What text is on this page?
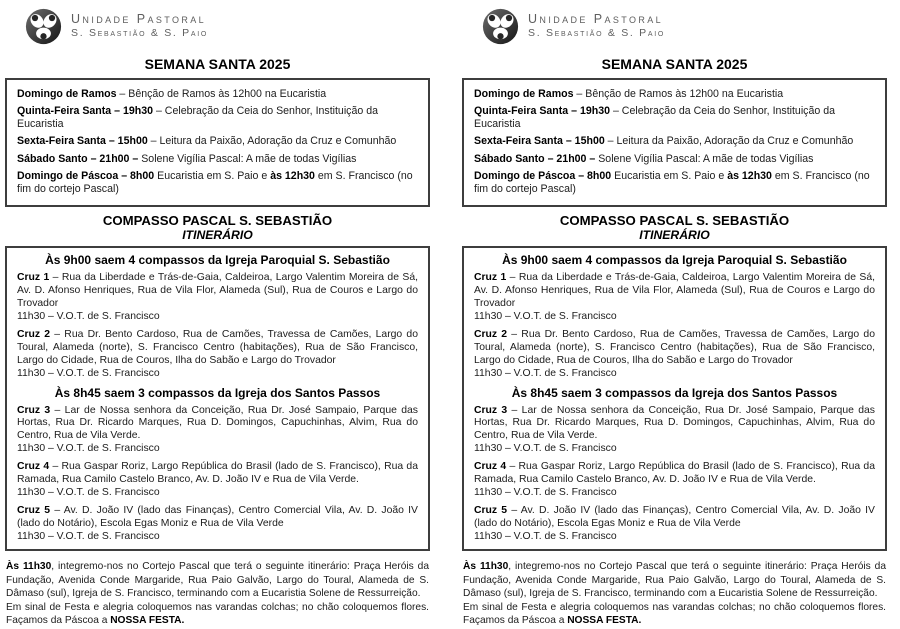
Unidade Pastoral
S. Sebastião & S. Paio
SEMANA SANTA 2025

Domingo de Ramos – Bênção de Ramos às 12h00 na Eucaristia

Quinta-Feira Santa – 19h30 – Celebração da Ceia do Senhor, Instituição da Eucaristia

Sexta-Feira Santa – 15h00 – Leitura da Paixão, Adoração da Cruz e Comunhão

Sábado Santo – 21h00 – Solene Vigília Pascal: A mãe de todas Vigílias

Domingo de Páscoa – 8h00 Eucaristia em S. Paio e às 12h30 em S. Francisco (no fim do cortejo Pascal)

COMPASSO PASCAL S. SEBASTIÃO
ITINERÁRIO
Às 9h00 saem 4 compassos da Igreja Paroquial S. Sebastião

Cruz 1 – Rua da Liberdade e Trás-de-Gaia, Caldeiroa, Largo Valentim Moreira de Sá, Av. D. Afonso Henriques, Rua de Vila Flor, Alameda (Sul), Rua de Couros e Largo do Trovador

11h30 – V.O.T. de S. Francisco

Cruz 2 – Rua Dr. Bento Cardoso, Rua de Camões, Travessa de Camões, Largo do Toural, Alameda (norte), S. Francisco Centro (habitações), Rua de São Francisco, Largo do Cidade, Rua de Couros, Ilha do Sabão e Largo do Trovador

11h30 – V.O.T. de S. Francisco

Às 8h45 saem 3 compassos da Igreja dos Santos Passos

Cruz 3 – Lar de Nossa senhora da Conceição, Rua Dr. José Sampaio, Parque das Hortas, Rua Dr. Ricardo Marques, Rua D. Domingos, Capuchinhas, Alvim, Rua do Centro, Rua de Vila Verde.

11h30 – V.O.T. de S. Francisco

Cruz 4 – Rua Gaspar Roriz, Largo República do Brasil (lado de S. Francisco), Rua da Ramada, Rua Camilo Castelo Branco, Av. D. João IV e Rua de Vila Verde.

11h30 – V.O.T. de S. Francisco

Cruz 5 – Av. D. João IV (lado das Finanças), Centro Comercial Vila, Av. D. João IV (lado do Notário), Escola Egas Moniz e Rua de Vila Verde

11h30 – V.O.T. de S. Francisco

Às 11h30, integremo-nos no Cortejo Pascal que terá o seguinte itinerário: Praça Heróis da Fundação, Avenida Conde Margaride, Rua Paio Galvão, Largo do Toural, Alameda de S. Dâmaso (sul), Igreja de S. Francisco, terminando com a Eucaristia Solene de Ressurreição.

Em sinal de Festa e alegria coloquemos nas varandas colchas; no chão coloquemos flores.

Façamos da Páscoa a NOSSA FESTA.

Unidade Pastoral
S. Sebastião & S. Paio
SEMANA SANTA 2025

Domingo de Ramos – Bênção de Ramos às 12h00 na Eucaristia

Quinta-Feira Santa – 19h30 – Celebração da Ceia do Senhor, Instituição da Eucaristia

Sexta-Feira Santa – 15h00 – Leitura da Paixão, Adoração da Cruz e Comunhão

Sábado Santo – 21h00 – Solene Vigília Pascal: A mãe de todas Vigílias

Domingo de Páscoa – 8h00 Eucaristia em S. Paio e às 12h30 em S. Francisco (no fim do cortejo Pascal)

COMPASSO PASCAL S. SEBASTIÃO
ITINERÁRIO
Às 9h00 saem 4 compassos da Igreja Paroquial S. Sebastião

Cruz 1 – Rua da Liberdade e Trás-de-Gaia, Caldeiroa, Largo Valentim Moreira de Sá, Av. D. Afonso Henriques, Rua de Vila Flor, Alameda (Sul), Rua de Couros e Largo do Trovador

11h30 – V.O.T. de S. Francisco

Cruz 2 – Rua Dr. Bento Cardoso, Rua de Camões, Travessa de Camões, Largo do Toural, Alameda (norte), S. Francisco Centro (habitações), Rua de São Francisco, Largo do Cidade, Rua de Couros, Ilha do Sabão e Largo do Trovador

11h30 – V.O.T. de S. Francisco

Às 8h45 saem 3 compassos da Igreja dos Santos Passos

Cruz 3 – Lar de Nossa senhora da Conceição, Rua Dr. José Sampaio, Parque das Hortas, Rua Dr. Ricardo Marques, Rua D. Domingos, Capuchinhas, Alvim, Rua do Centro, Rua de Vila Verde.

11h30 – V.O.T. de S. Francisco

Cruz 4 – Rua Gaspar Roriz, Largo República do Brasil (lado de S. Francisco), Rua da Ramada, Rua Camilo Castelo Branco, Av. D. João IV e Rua de Vila Verde.

11h30 – V.O.T. de S. Francisco

Cruz 5 – Av. D. João IV (lado das Finanças), Centro Comercial Vila, Av. D. João IV (lado do Notário), Escola Egas Moniz e Rua de Vila Verde

11h30 – V.O.T. de S. Francisco

Às 11h30, integremo-nos no Cortejo Pascal que terá o seguinte itinerário: Praça Heróis da Fundação, Avenida Conde Margaride, Rua Paio Galvão, Largo do Toural, Alameda de S. Dâmaso (sul), Igreja de S. Francisco, terminando com a Eucaristia Solene de Ressurreição.

Em sinal de Festa e alegria coloquemos nas varandas colchas; no chão coloquemos flores.

Façamos da Páscoa a NOSSA FESTA.
